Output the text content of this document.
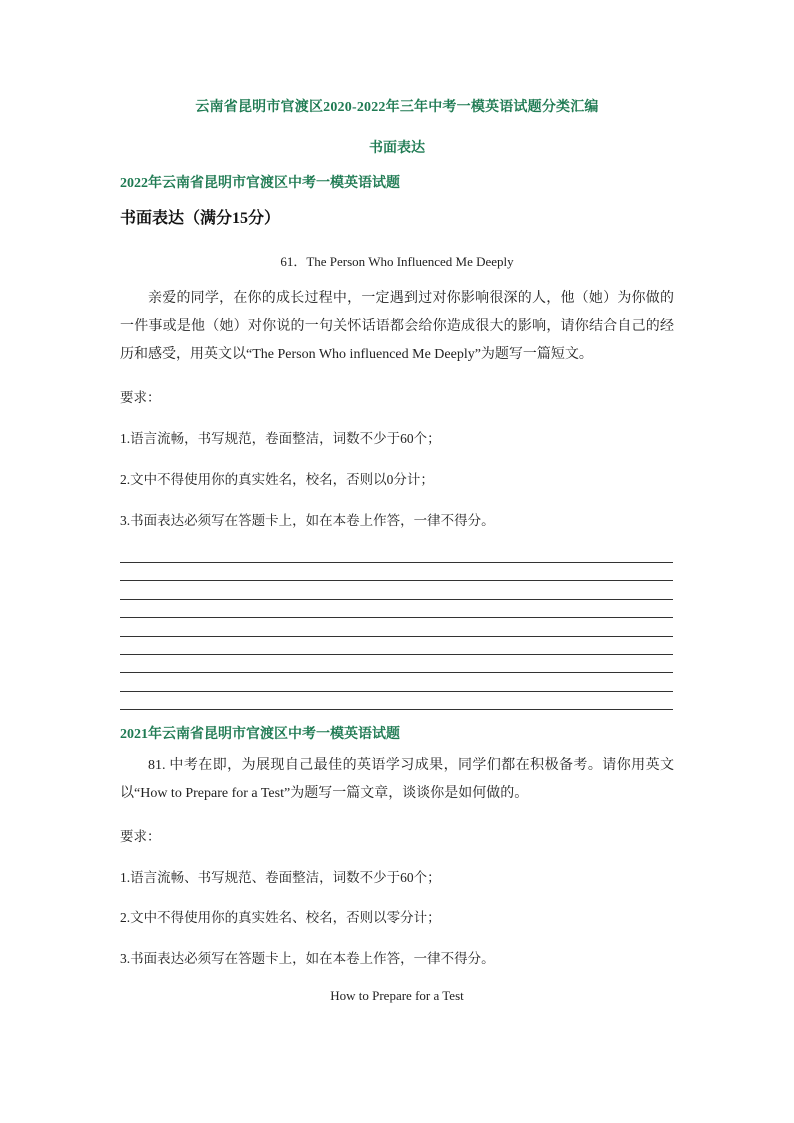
云南省昆明市官渡区2020-2022年三年中考一模英语试题分类汇编
书面表达
2022年云南省昆明市官渡区中考一模英语试题
书面表达（满分15分）
61．The Person Who Influenced Me Deeply
亲爱的同学，在你的成长过程中，一定遇到过对你影响很深的人，他（她）为你做的一件事或是他（她）对你说的一句关怀话语都会给你造成很大的影响，请你结合自己的经历和感受，用英文以“The Person Who influenced Me Deeply”为题写一篇短文。
要求：
1.语言流畅，书写规范，卷面整洁，词数不少于60个；
2.文中不得使用你的真实姓名，校名，否则以0分计；
3.书面表达必须写在答题卡上，如在本卷上作答，一律不得分。
2021年云南省昆明市官渡区中考一模英语试题
81. 中考在即，为展现自己最佳的英语学习成果，同学们都在积极备考。请你用英文以“How to Prepare for a Test”为题写一篇文章，谈谈你是如何做的。
要求：
1.语言流畅、书写规范、卷面整洁，词数不少于60个；
2.文中不得使用你的真实姓名、校名，否则以零分计；
3.书面表达必须写在答题卡上，如在本卷上作答，一律不得分。
How to Prepare for a Test
